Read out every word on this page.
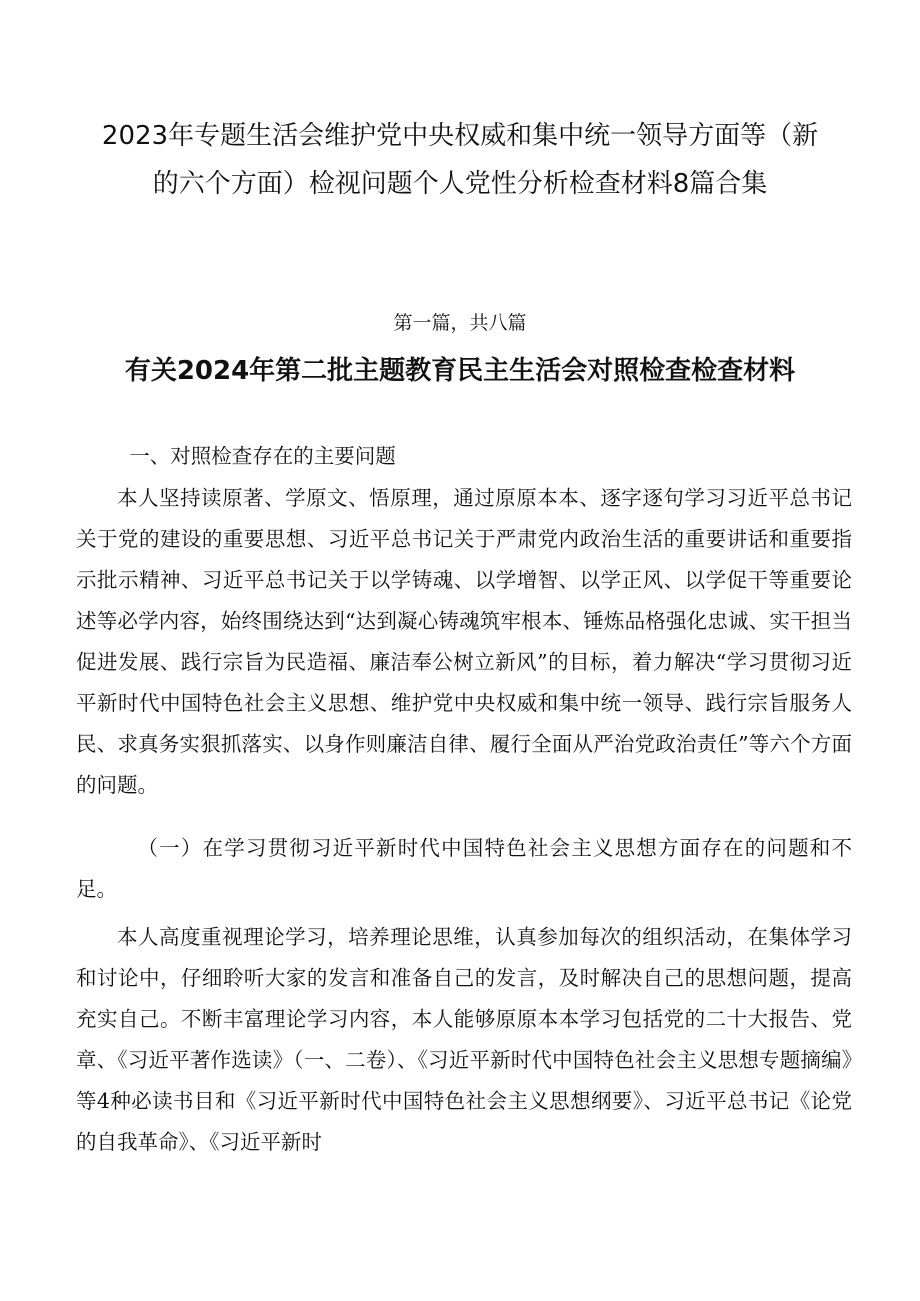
2023年专题生活会维护党中央权威和集中统一领导方面等（新的六个方面）检视问题个人党性分析检查材料8篇合集
第一篇，共八篇
有关2024年第二批主题教育民主生活会对照检查检查材料

一、对照检查存在的主要问题

本人坚持读原著、学原文、悟原理，通过原原本本、逐字逐句学习习近平总书记关于党的建设的重要思想、习近平总书记关于严肃党内政治生活的重要讲话和重要指示批示精神、习近平总书记关于以学铸魂、以学增智、以学正风、以学促干等重要论述等必学内容，始终围绕达到“达到凝心铸魂筑牢根本、锤炼品格强化忠诚、实干担当促进发展、践行宗旨为民造福、廉洁奉公树立新风”的目标，着力解决“学习贯彻习近平新时代中国特色社会主义思想、维护党中央权威和集中统一领导、践行宗旨服务人民、求真务实狠抓落实、以身作则廉洁自律、履行全面从严治党政治责任”等六个方面的问题。

（一）在学习贯彻习近平新时代中国特色社会主义思想方面存在的问题和不足。

本人高度重视理论学习，培养理论思维，认真参加每次的组织活动，在集体学习和讨论中，仔细聆听大家的发言和准备自己的发言，及时解决自己的思想问题，提高充实自己。不断丰富理论学习内容，本人能够原原本本学习包括党的二十大报告、党章、《习近平著作选读》（一、二卷）、《习近平新时代中国特色社会主义思想专题摘编》等4种必读书目和《习近平新时代中国特色社会主义思想纲要》、习近平总书记《论党的自我革命》、《习近平新时
